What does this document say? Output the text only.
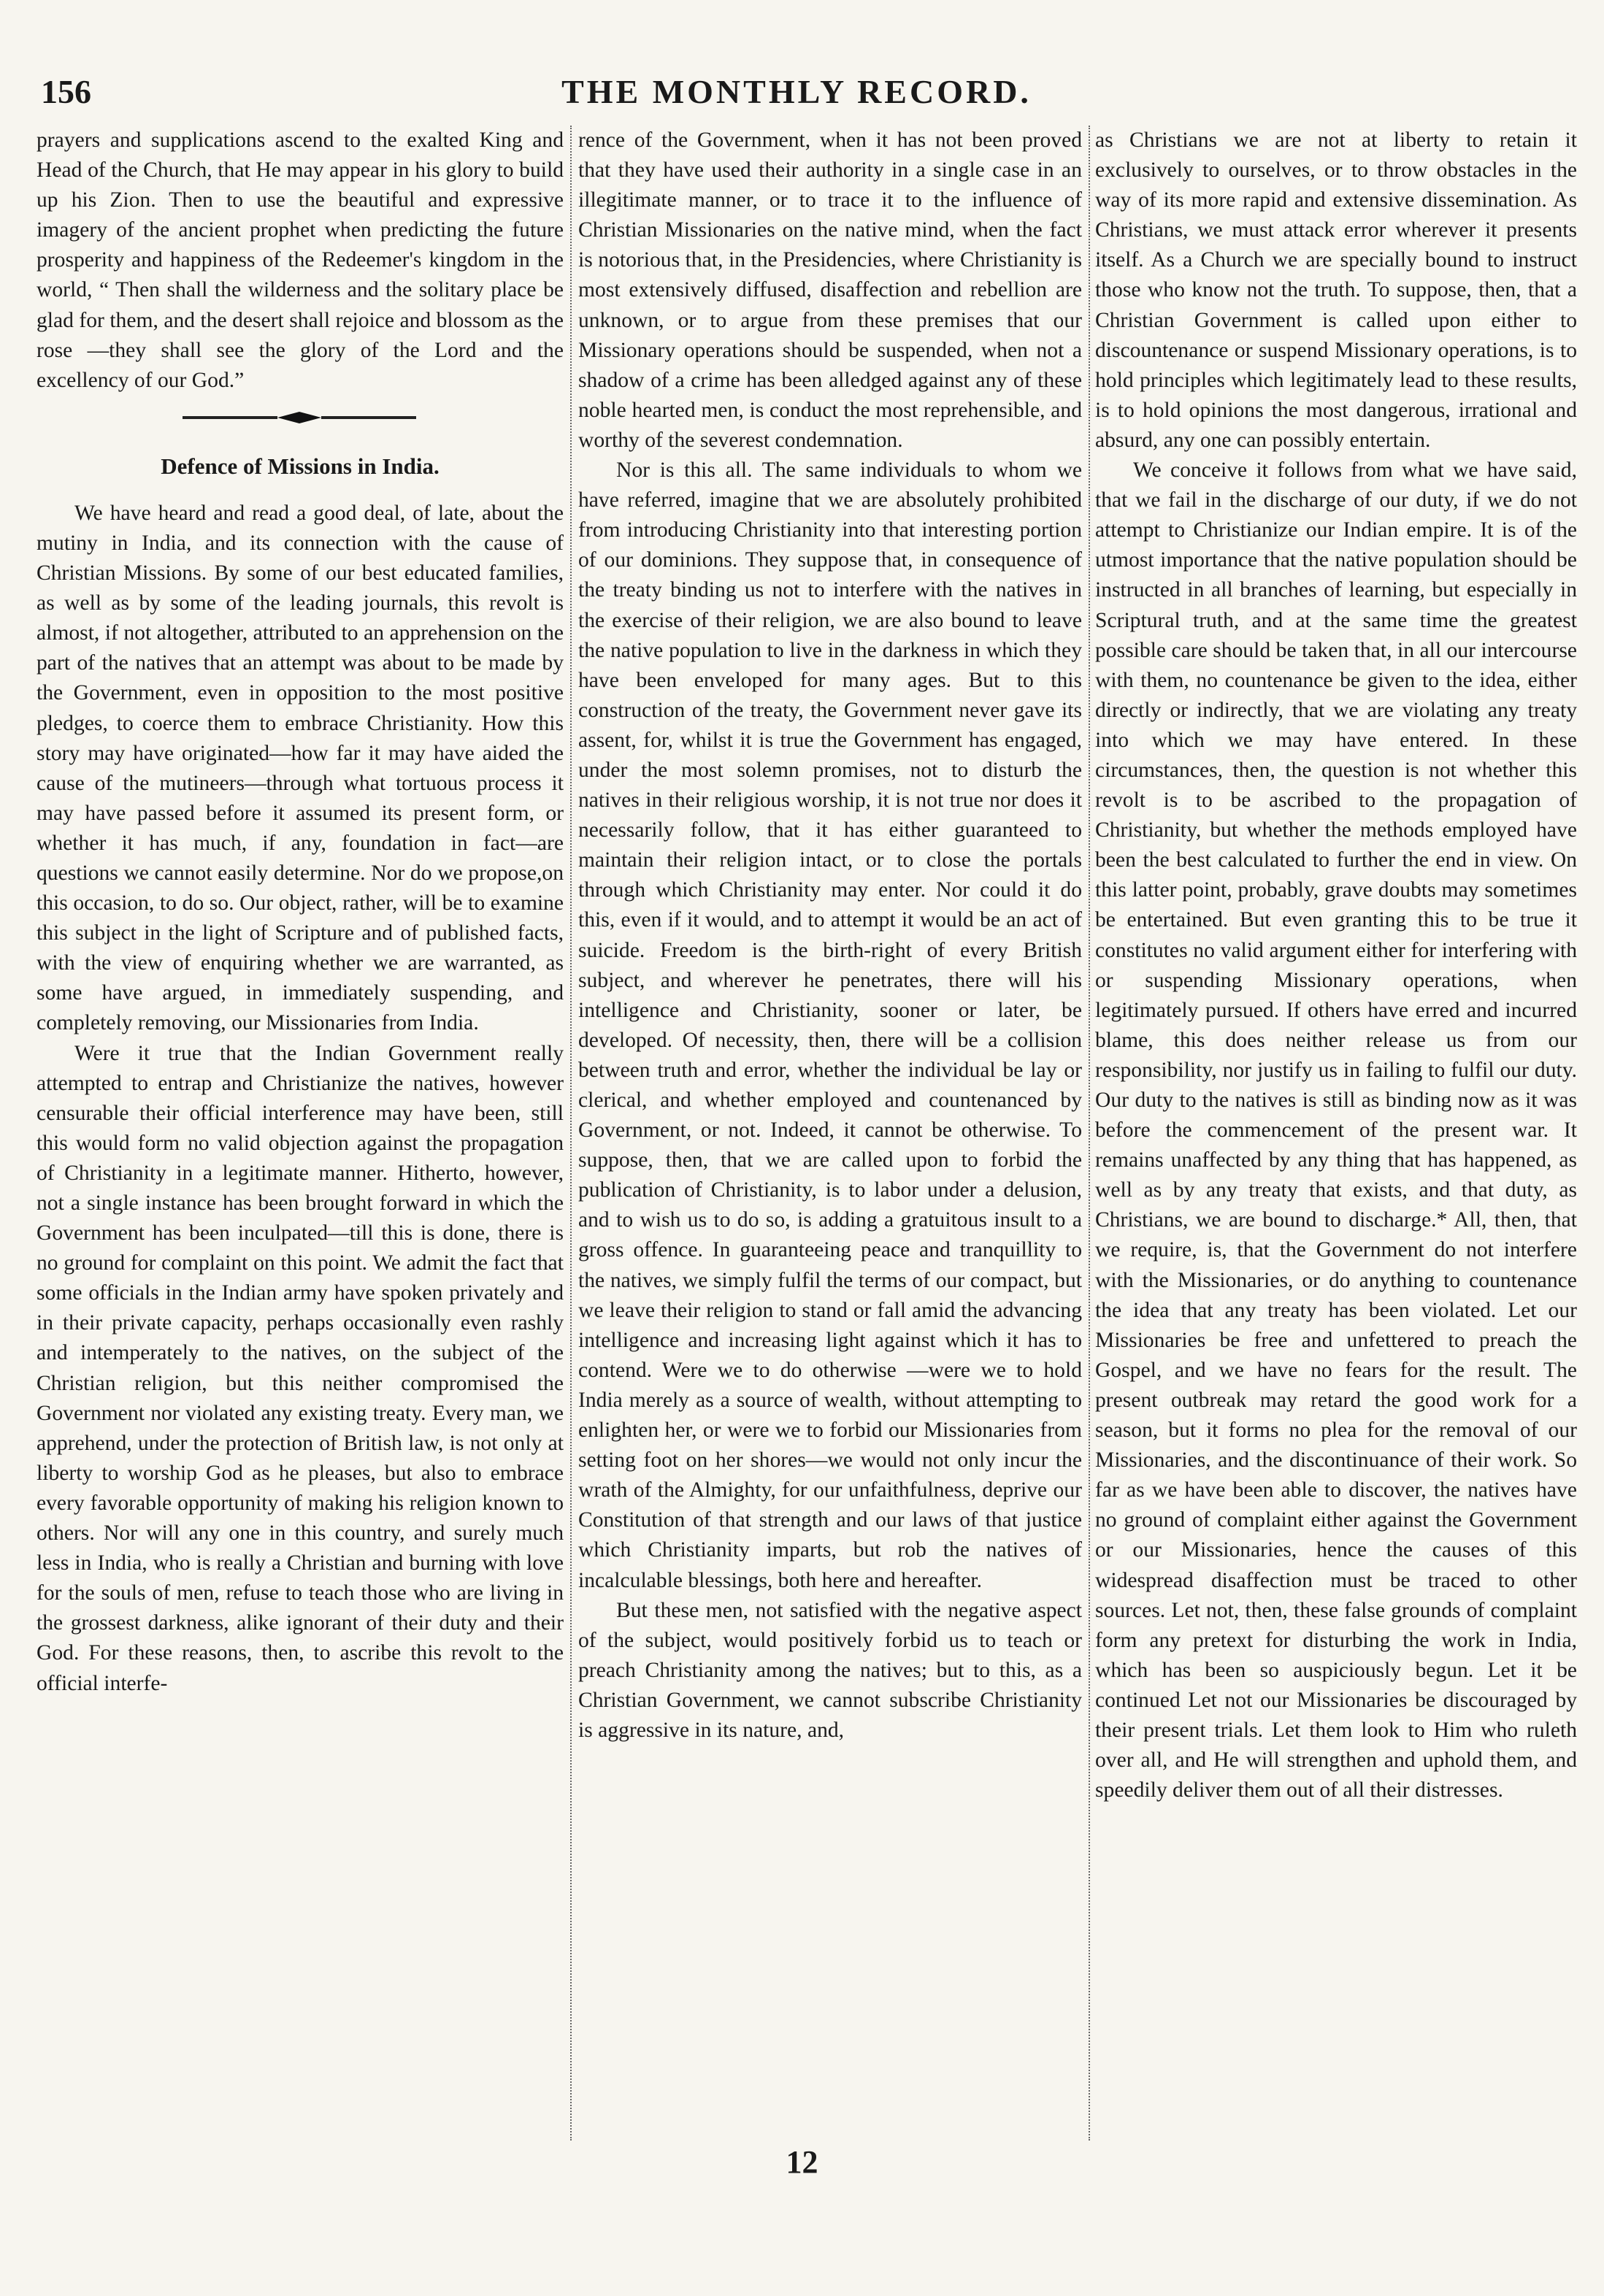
156	THE MONTHLY RECORD.

prayers and supplications ascend to the exalted King and Head of the Church, that He may appear in his glory to build up his Zion. Then to use the beautiful and expressive imagery of the ancient prophet when predicting the future prosperity and happiness of the Redeemer's kingdom in the world, “ Then shall the wilderness and the solitary place be glad for them, and the desert shall rejoice and blossom as the rose —they shall see the glory of the Lord and the excellency of our God.”

Defence of Missions in India.

We have heard and read a good deal, of late, about the mutiny in India, and its connection with the cause of Christian Missions. By some of our best educated families, as well as by some of the leading journals, this revolt is almost, if not altogether, attributed to an apprehension on the part of the natives that an attempt was about to be made by the Government, even in opposition to the most positive pledges, to coerce them to embrace Christianity. How this story may have originated—how far it may have aided the cause of the mutineers—through what tortuous process it may have passed before it assumed its present form, or whether it has much, if any, foundation in fact—are questions we cannot easily determine. Nor do we propose,on this occasion, to do so. Our object, rather, will be to examine this subject in the light of Scripture and of published facts, with the view of enquiring whether we are warranted, as some have argued, in immediately suspending, and completely removing, our Missionaries from India.

Were it true that the Indian Government really attempted to entrap and Christianize the natives, however censurable their official interference may have been, still this would form no valid objection against the propagation of Christianity in a legitimate manner. Hitherto, however, not a single instance has been brought forward in which the Government has been inculpated—till this is done, there is no ground for complaint on this point. We admit the fact that some officials in the Indian army have spoken privately and in their private capacity, perhaps occasionally even rashly and intemperately to the natives, on the subject of the Christian religion, but this neither compromised the Government nor violated any existing treaty. Every man, we apprehend, under the protection of British law, is not only at liberty to worship God as he pleases, but also to embrace every favorable opportunity of making his religion known to others. Nor will any one in this country, and surely much less in India, who is really a Christian and burning with love for the souls of men, refuse to teach those who are living in the grossest darkness, alike ignorant of their duty and their God. For these reasons, then, to ascribe this revolt to the official interfe-

rence of the Government, when it has not been proved that they have used their authority in a single case in an illegitimate manner, or to trace it to the influence of Christian Missionaries on the native mind, when the fact is notorious that, in the Presidencies, where Christianity is most extensively diffused, disaffection and rebellion are unknown, or to argue from these premises that our Missionary operations should be suspended, when not a shadow of a crime has been alledged against any of these noble hearted men, is conduct the most reprehensible, and worthy of the severest condemnation.

Nor is this all. The same individuals to whom we have referred, imagine that we are absolutely prohibited from introducing Christianity into that interesting portion of our dominions. They suppose that, in consequence of the treaty binding us not to interfere with the natives in the exercise of their religion, we are also bound to leave the native population to live in the darkness in which they have been enveloped for many ages. But to this construction of the treaty, the Government never gave its assent, for, whilst it is true the Government has engaged, under the most solemn promises, not to disturb the natives in their religious worship, it is not true nor does it necessarily follow, that it has either guaranteed to maintain their religion intact, or to close the portals through which Christianity may enter. Nor could it do this, even if it would, and to attempt it would be an act of suicide. Freedom is the birth-right of every British subject, and wherever he penetrates, there will his intelligence and Christianity, sooner or later, be developed. Of necessity, then, there will be a collision between truth and error, whether the individual be lay or clerical, and whether employed and countenanced by Government, or not. Indeed, it cannot be otherwise. To suppose, then, that we are called upon to forbid the publication of Christianity, is to labor under a delusion, and to wish us to do so, is adding a gratuitous insult to a gross offence. In guaranteeing peace and tranquillity to the natives, we simply fulfil the terms of our compact, but we leave their religion to stand or fall amid the advancing intelligence and increasing light against which it has to contend. Were we to do otherwise —were we to hold India merely as a source of wealth, without attempting to enlighten her, or were we to forbid our Missionaries from setting foot on her shores—we would not only incur the wrath of the Almighty, for our unfaithfulness, deprive our Constitution of that strength and our laws of that justice which Christianity imparts, but rob the natives of incalculable blessings, both here and hereafter.

But these men, not satisfied with the negative aspect of the subject, would positively forbid us to teach or preach Christianity among the natives; but to this, as a Christian Government, we cannot subscribe Christianity is aggressive in its nature, and,

as Christians we are not at liberty to retain it exclusively to ourselves, or to throw obstacles in the way of its more rapid and extensive dissemination. As Christians, we must attack error wherever it presents itself. As a Church we are specially bound to instruct those who know not the truth. To suppose, then, that a Christian Government is called upon either to discountenance or suspend Missionary operations, is to hold principles which legitimately lead to these results, is to hold opinions the most dangerous, irrational and absurd, any one can possibly entertain.

We conceive it follows from what we have said, that we fail in the discharge of our duty, if we do not attempt to Christianize our Indian empire. It is of the utmost importance that the native population should be instructed in all branches of learning, but especially in Scriptural truth, and at the same time the greatest possible care should be taken that, in all our intercourse with them, no countenance be given to the idea, either directly or indirectly, that we are violating any treaty into which we may have entered. In these circumstances, then, the question is not whether this revolt is to be ascribed to the propagation of Christianity, but whether the methods employed have been the best calculated to further the end in view. On this latter point, probably, grave doubts may sometimes be entertained. But even granting this to be true it constitutes no valid argument either for interfering with or suspending Missionary operations, when legitimately pursued. If others have erred and incurred blame, this does neither release us from our responsibility, nor justify us in failing to fulfil our duty. Our duty to the natives is still as binding now as it was before the commencement of the present war. It remains unaffected by any thing that has happened, as well as by any treaty that exists, and that duty, as Christians, we are bound to discharge.* All, then, that we require, is, that the Government do not interfere with the Missionaries, or do anything to countenance the idea that any treaty has been violated. Let our Missionaries be free and unfettered to preach the Gospel, and we have no fears for the result. The present outbreak may retard the good work for a season, but it forms no plea for the removal of our Missionaries, and the discontinuance of their work. So far as we have been able to discover, the natives have no ground of complaint either against the Government or our Missionaries, hence the causes of this widespread disaffection must be traced to other sources. Let not, then, these false grounds of complaint form any pretext for disturbing the work in India, which has been so auspiciously begun. Let it be continued Let not our Missionaries be discouraged by their present trials. Let them look to Him who ruleth over all, and He will strengthen and uphold them, and speedily deliver them out of all their distresses.

12
